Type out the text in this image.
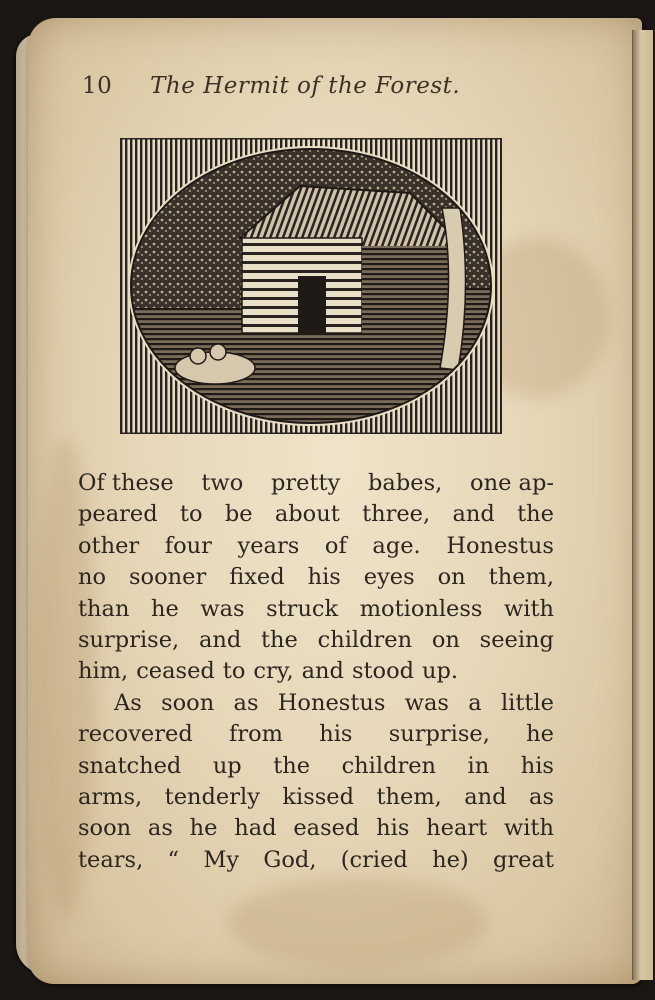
10 The Hermit of the Forest.
Of these two pretty babes, one ap-
peared to be about three, and the
other four years of age. Honestus
no sooner fixed his eyes on them,
than he was struck motionless with
surprise, and the children on seeing
him, ceased to cry, and stood up.
As soon as Honestus was a little
recovered from his surprise, he
snatched up the children in his
arms, tenderly kissed them, and as
soon as he had eased his heart with
tears, “ My God, (cried he) great
